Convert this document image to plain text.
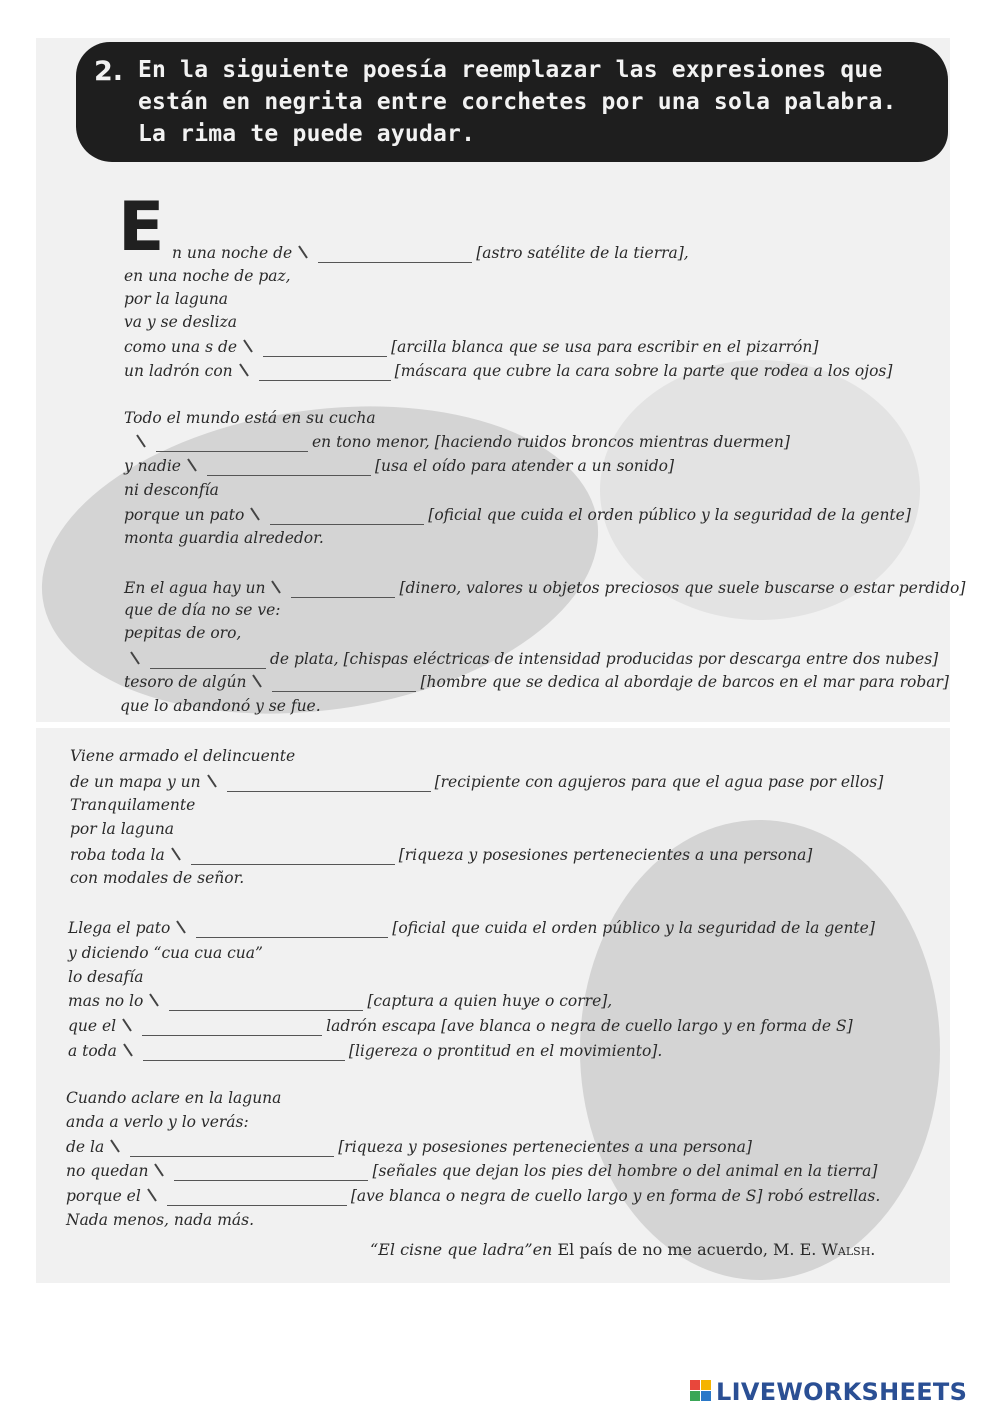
2. En la siguiente poesía reemplazar las expresiones que están en negrita entre corchetes por una sola palabra. La rima te puede ayudar.
E n una noche de	[astro satélite de la tierra],
en una noche de paz,
por la laguna
va y se desliza
como una s de	[arcilla blanca que se usa para escribir en el pizarrón]
un ladrón con	[máscara que cubre la cara sobre la parte que rodea a los ojos]
Todo el mundo está en su cucha
en tono menor, [haciendo ruidos broncos mientras duermen]
y nadie	[usa el oído para atender a un sonido]
ni desconfía
porque un pato	[oficial que cuida el orden público y la seguridad de la gente]
monta guardia alrededor.
En el agua hay un	[dinero, valores u objetos preciosos que suele buscarse o estar perdido]
que de día no se ve:
pepitas de oro,
de plata, [chispas eléctricas de intensidad producidas por descarga entre dos nubes]
tesoro de algún	[hombre que se dedica al abordaje de barcos en el mar para robar]
que lo abandonó y se fue.
Viene armado el delincuente
de un mapa y un	[recipiente con agujeros para que el agua pase por ellos]
Tranquilamente
por la laguna
roba toda la	[riqueza y posesiones pertenecientes a una persona]
con modales de señor.
Llega el pato	[oficial que cuida el orden público y la seguridad de la gente]
y diciendo “cua cua cua”
lo desafía
mas no lo	[captura a quien huye o corre],
que el	ladrón escapa [ave blanca o negra de cuello largo y en forma de S]
a toda	[ligereza o prontitud en el movimiento].
Cuando aclare en la laguna
anda a verlo y lo verás:
de la	[riqueza y posesiones pertenecientes a una persona]
no quedan	[señales que dejan los pies del hombre o del animal en la tierra]
porque el	[ave blanca o negra de cuello largo y en forma de S] robó estrellas.
Nada menos, nada más.
“El cisne que ladra”en El país de no me acuerdo, M. E. Walsh.
LIVEWORKSHEETS
